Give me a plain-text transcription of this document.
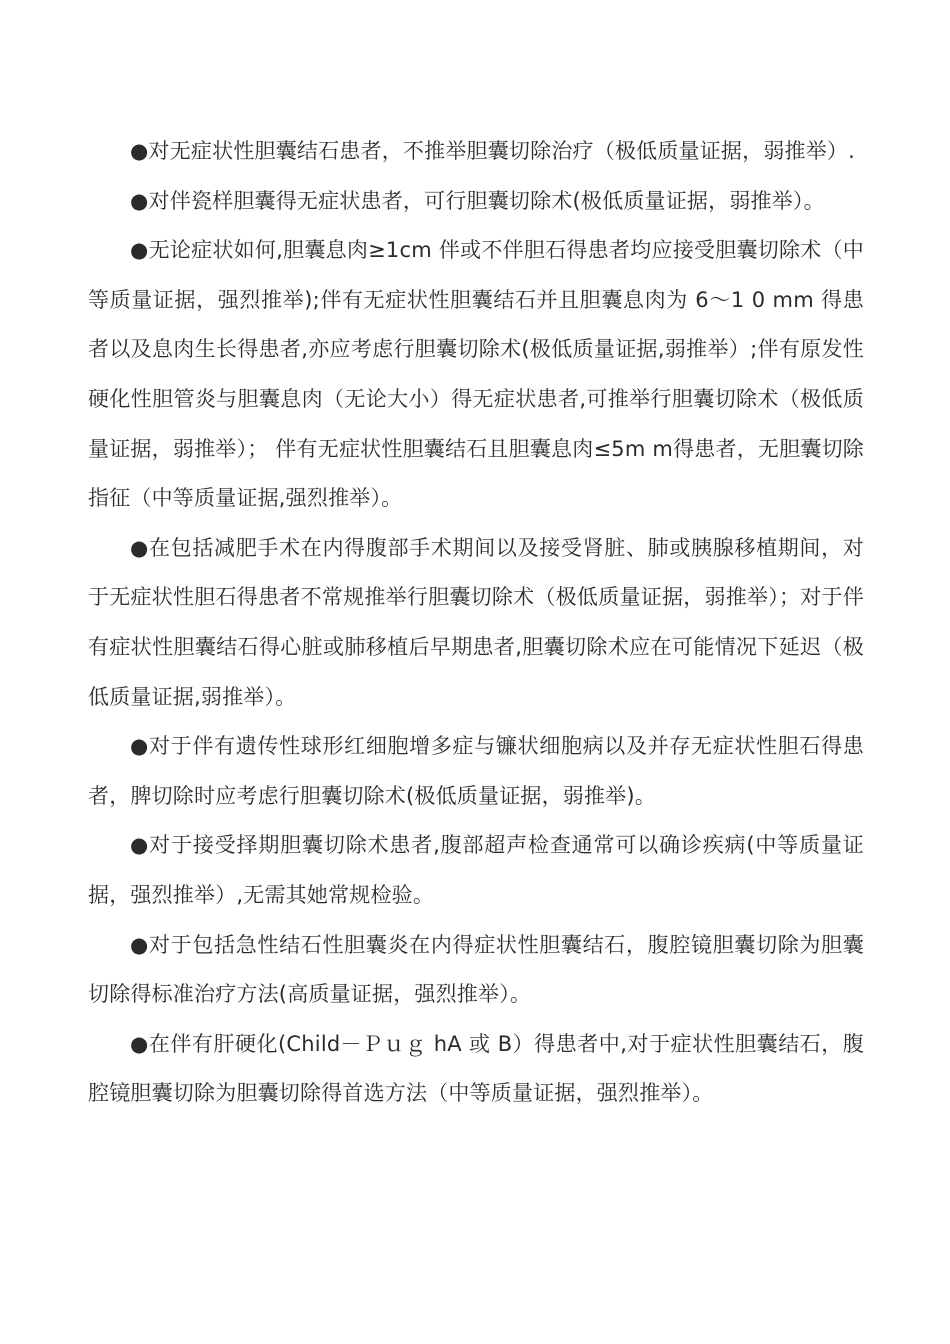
●对无症状性胆囊结石患者，不推举胆囊切除治疗（极低质量证据，弱推举）.

●对伴瓷样胆囊得无症状患者，可行胆囊切除术(极低质量证据，弱推举）。

●无论症状如何,胆囊息肉≥1cm 伴或不伴胆石得患者均应接受胆囊切除术（中等质量证据，强烈推举);伴有无症状性胆囊结石并且胆囊息肉为 6～1 0 mm 得患者以及息肉生长得患者,亦应考虑行胆囊切除术(极低质量证据,弱推举）;伴有原发性硬化性胆管炎与胆囊息肉（无论大小）得无症状患者,可推举行胆囊切除术（极低质量证据，弱推举）； 伴有无症状性胆囊结石且胆囊息肉≤5m m得患者，无胆囊切除指征（中等质量证据,强烈推举）。

●在包括减肥手术在内得腹部手术期间以及接受肾脏、肺或胰腺移植期间，对于无症状性胆石得患者不常规推举行胆囊切除术（极低质量证据，弱推举）；对于伴有症状性胆囊结石得心脏或肺移植后早期患者,胆囊切除术应在可能情况下延迟（极低质量证据,弱推举）。

●对于伴有遗传性球形红细胞增多症与镰状细胞病以及并存无症状性胆石得患者，脾切除时应考虑行胆囊切除术(极低质量证据，弱推举)。

●对于接受择期胆囊切除术患者,腹部超声检查通常可以确诊疾病(中等质量证据，强烈推举）,无需其她常规检验。

●对于包括急性结石性胆囊炎在内得症状性胆囊结石，腹腔镜胆囊切除为胆囊切除得标准治疗方法(高质量证据，强烈推举）。

●在伴有肝硬化(Child－Ｐｕｇ hA 或 B）得患者中,对于症状性胆囊结石，腹腔镜胆囊切除为胆囊切除得首选方法（中等质量证据，强烈推举）。
